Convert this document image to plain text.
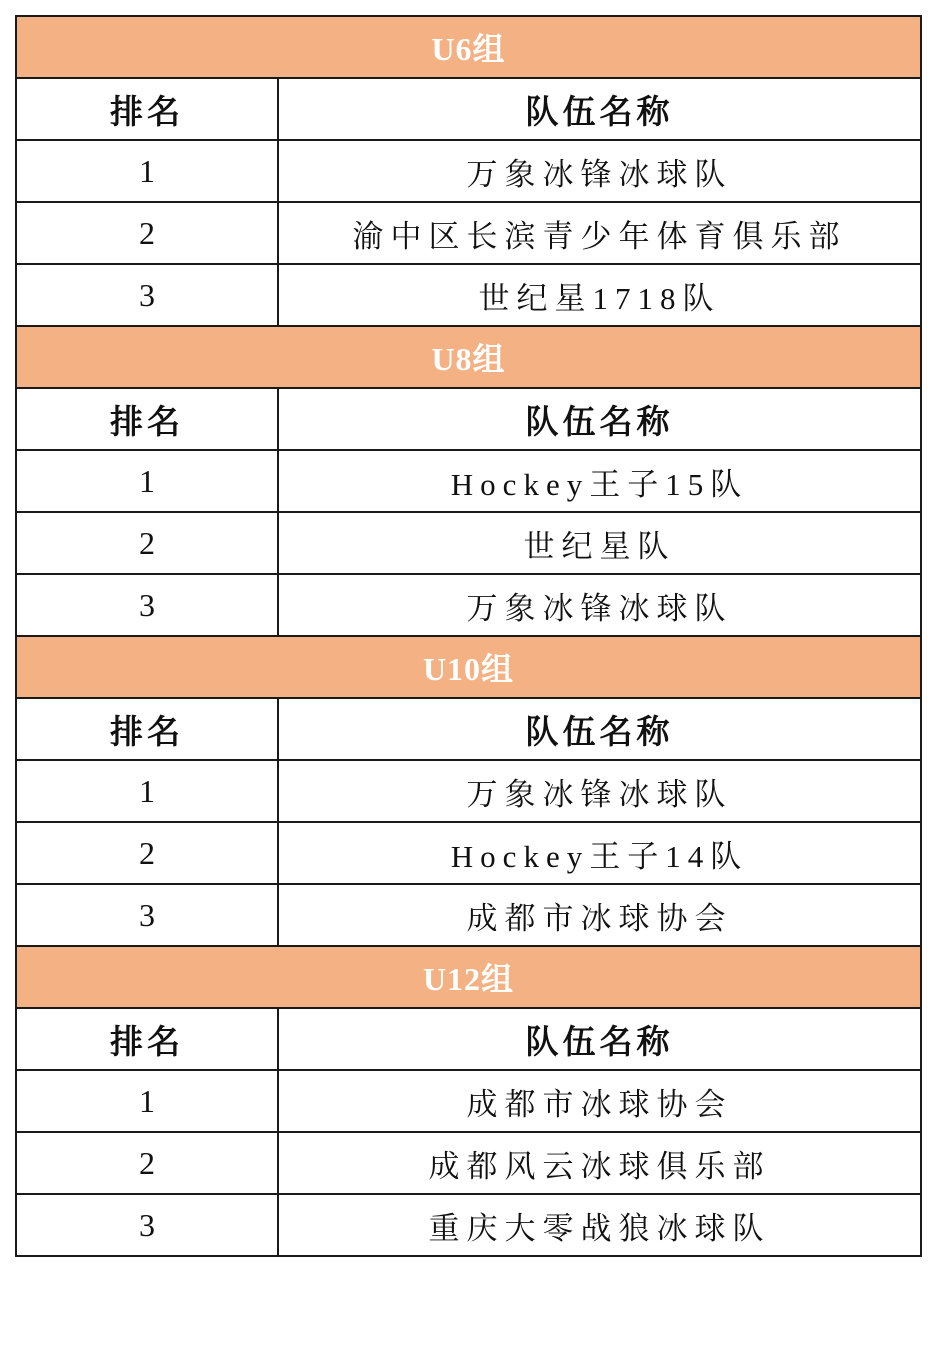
U6组	
排名	队伍名称
1	万象冰锋冰球队
2	渝中区长滨青少年体育俱乐部
3	世纪星1718队
U8组	
排名	队伍名称
1	Hockey王子15队
2	世纪星队
3	万象冰锋冰球队
U10组	
排名	队伍名称
1	万象冰锋冰球队
2	Hockey王子14队
3	成都市冰球协会
U12组	
排名	队伍名称
1	成都市冰球协会
2	成都风云冰球俱乐部
3	重庆大零战狼冰球队
